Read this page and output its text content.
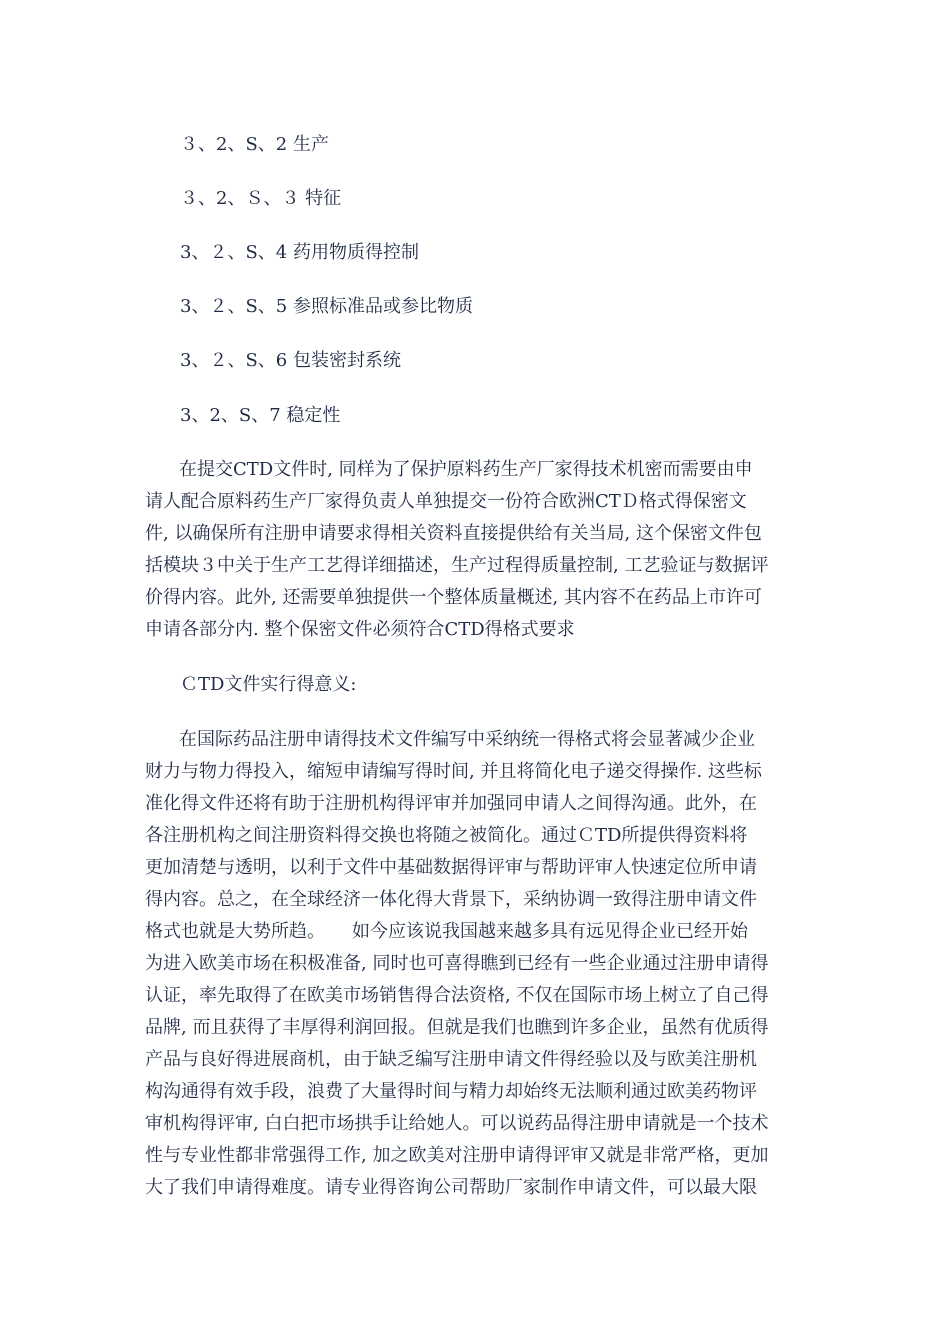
３、2、S、2 生产
３、2、Ｓ、３ 特征
3、２、S、4 药用物质得控制
3、２、S、5 参照标准品或参比物质
3、２、S、6 包装密封系统
3、2、S、7 稳定性

在提交CTD文件时, 同样为了保护原料药生产厂家得技术机密而需要由申
请人配合原料药生产厂家得负责人单独提交一份符合欧洲CTＤ格式得保密文
件, 以确保所有注册申请要求得相关资料直接提供给有关当局, 这个保密文件包
括模块３中关于生产工艺得详细描述，生产过程得质量控制, 工艺验证与数据评
价得内容。此外, 还需要单独提供一个整体质量概述, 其内容不在药品上市许可
申请各部分内. 整个保密文件必须符合CTD得格式要求

ＣTD文件实行得意义:

在国际药品注册申请得技术文件编写中采纳统一得格式将会显著减少企业
财力与物力得投入，缩短申请编写得时间, 并且将简化电子递交得操作. 这些标
准化得文件还将有助于注册机构得评审并加强同申请人之间得沟通。此外，在
各注册机构之间注册资料得交换也将随之被简化。通过ＣTD所提供得资料将
更加清楚与透明，以利于文件中基础数据得评审与帮助评审人快速定位所申请
得内容。总之，在全球经济一体化得大背景下，采纳协调一致得注册申请文件
格式也就是大势所趋。　　如今应该说我国越来越多具有远见得企业已经开始
为进入欧美市场在积极准备, 同时也可喜得瞧到已经有一些企业通过注册申请得
认证，率先取得了在欧美市场销售得合法资格, 不仅在国际市场上树立了自己得
品牌, 而且获得了丰厚得利润回报。但就是我们也瞧到许多企业，虽然有优质得
产品与良好得进展商机，由于缺乏编写注册申请文件得经验以及与欧美注册机
构沟通得有效手段，浪费了大量得时间与精力却始终无法顺利通过欧美药物评
审机构得评审, 白白把市场拱手让给她人。可以说药品得注册申请就是一个技术
性与专业性都非常强得工作, 加之欧美对注册申请得评审又就是非常严格，更加
大了我们申请得难度。请专业得咨询公司帮助厂家制作申请文件，可以最大限
